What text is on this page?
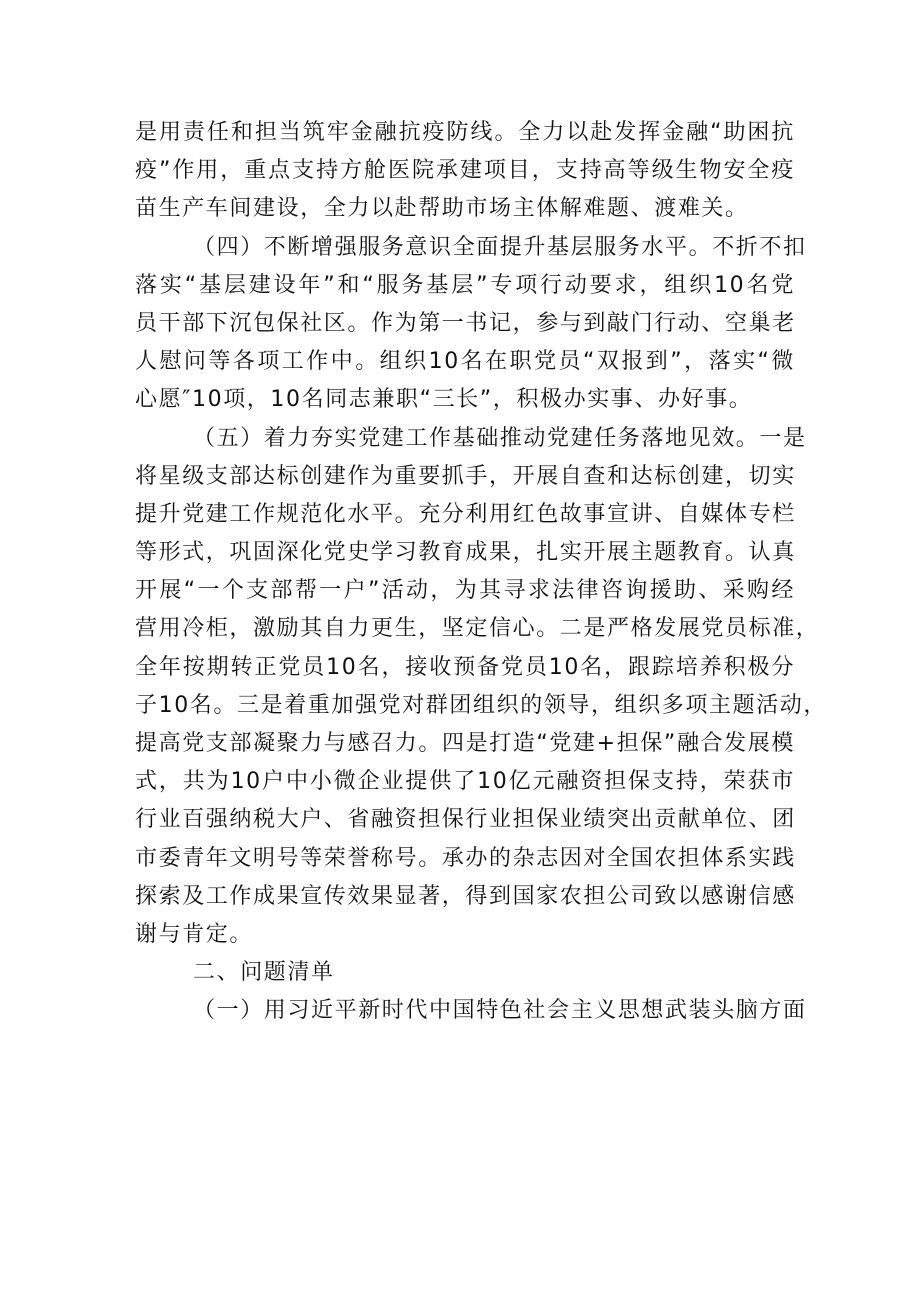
是用责任和担当筑牢金融抗疫防线。全力以赴发挥金融“助困抗
疫”作用，重点支持方舱医院承建项目，支持高等级生物安全疫
苗生产车间建设，全力以赴帮助市场主体解难题、渡难关。
（四）不断增强服务意识全面提升基层服务水平。不折不扣
落实“基层建设年”和“服务基层”专项行动要求，组织10名党
员干部下沉包保社区。作为第一书记，参与到敲门行动、空巢老
人慰问等各项工作中。组织10名在职党员“双报到”，落实“微
心愿″10项，10名同志兼职“三长”，积极办实事、办好事。
（五）着力夯实党建工作基础推动党建任务落地见效。一是
将星级支部达标创建作为重要抓手，开展自查和达标创建，切实
提升党建工作规范化水平。充分利用红色故事宣讲、自媒体专栏
等形式，巩固深化党史学习教育成果，扎实开展主题教育。认真
开展“一个支部帮一户”活动，为其寻求法律咨询援助、采购经
营用冷柜，激励其自力更生，坚定信心。二是严格发展党员标准，
全年按期转正党员10名，接收预备党员10名，跟踪培养积极分
子10名。三是着重加强党对群团组织的领导，组织多项主题活动，
提高党支部凝聚力与感召力。四是打造“党建+担保”融合发展模
式，共为10户中小微企业提供了10亿元融资担保支持，荣获市
行业百强纳税大户、省融资担保行业担保业绩突出贡献单位、团
市委青年文明号等荣誉称号。承办的杂志因对全国农担体系实践
探索及工作成果宣传效果显著，得到国家农担公司致以感谢信感
谢与肯定。
二、问题清单
（一）用习近平新时代中国特色社会主义思想武装头脑方面
